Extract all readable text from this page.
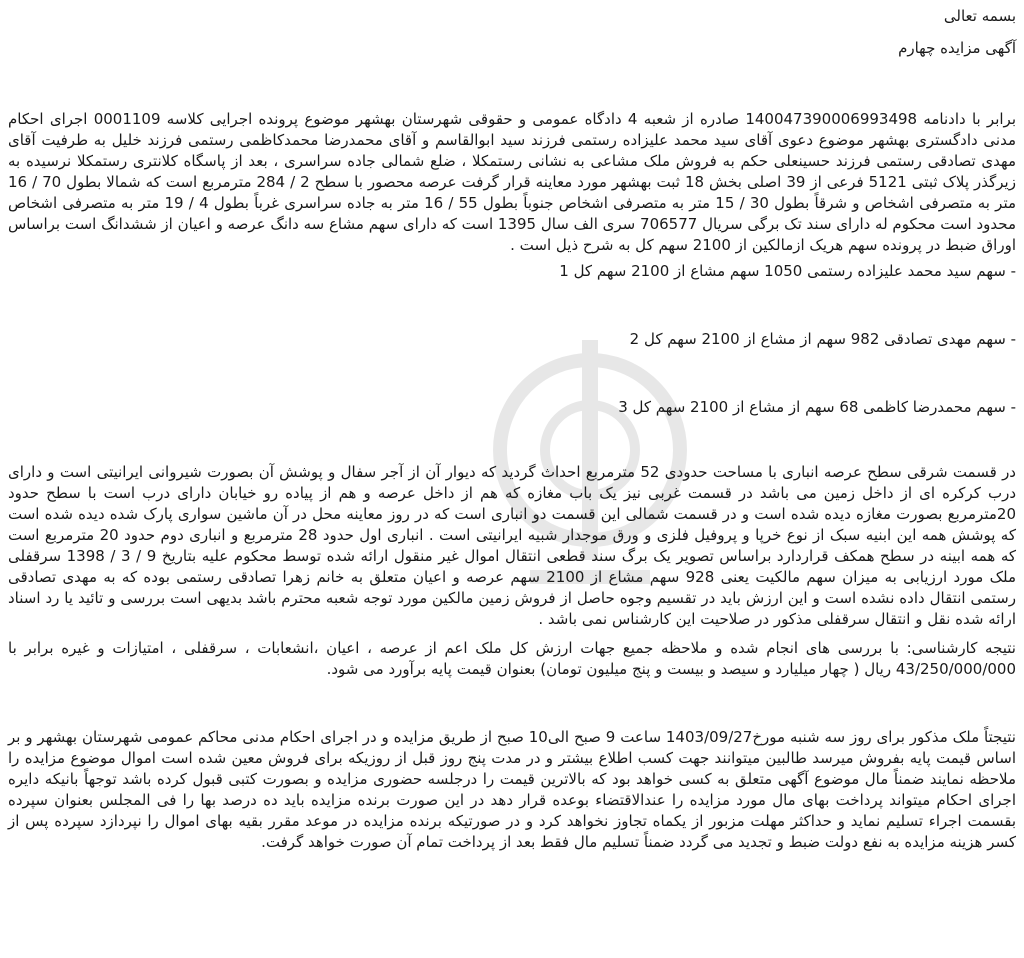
بسمه تعالی

آگهی مزایده چهارم

برابر با دادنامه 140047390006993498 صادره از شعبه 4 دادگاه عمومی و حقوقی شهرستان بهشهر موضوع پرونده اجرایی کلاسه 0001109 اجرای احکام مدنی دادگستری بهشهر موضوع دعوی آقای سید محمد علیزاده رستمی فرزند سید ابوالقاسم و آقای محمدرضا محمدکاظمی رستمی فرزند خلیل به طرفیت آقای مهدی تصادقی رستمی فرزند حسینعلی حکم به فروش ملک مشاعی به نشانی رستمکلا ، ضلع شمالی جاده سراسری ، بعد از پاسگاه کلانتری رستمکلا نرسیده به زیرگذر پلاک ثبتی 5121 فرعی از 39 اصلی بخش 18 ثبت بهشهر مورد معاینه قرار گرفت عرصه محصور با سطح 2 / 284 مترمربع است که شمالا بطول 70 / 16 متر به متصرفی اشخاص و شرقاً بطول 30 / 15 متر به متصرفی اشخاص جنوباً بطول 55 / 16 متر به جاده سراسری غرباً بطول 4 / 19 متر به متصرفی اشخاص محدود است محکوم له دارای سند تک برگی سریال 706577 سری الف سال 1395 است که دارای سهم مشاع سه دانگ عرصه و اعیان از ششدانگ است براساس اوراق ضبط در پرونده سهم هریک ازمالکین از 2100 سهم کل به شرح ذیل است .

- سهم سید محمد علیزاده رستمی 1050 سهم مشاع از 2100 سهم کل 1

- سهم مهدی تصادقی 982 سهم از مشاع از 2100 سهم کل 2

- سهم محمدرضا کاظمی 68 سهم از مشاع از 2100 سهم کل 3

در قسمت شرقی سطح عرصه انباری با مساحت حدودی 52 مترمربع احداث گردید که دیوار آن از آجر سفال و پوشش آن بصورت شیروانی ایرانیتی است و دارای درب کرکره ای از داخل زمین می باشد در قسمت غربی نیز یک باب مغازه که هم از داخل عرصه و هم از پیاده رو خیابان دارای درب است با سطح حدود 20مترمربع بصورت مغازه دیده شده است و در قسمت شمالی این قسمت دو انباری است که در روز معاینه محل در آن ماشین سواری پارک شده دیده شده است که پوشش همه این ابنیه سبک از نوع خرپا و پروفیل فلزی و ورق موجدار شبیه ایرانیتی است . انباری اول حدود 28 مترمربع و انباری دوم حدود 20 مترمربع است که همه ابینه در سطح همکف قراردارد براساس تصویر یک برگ سند قطعی انتقال اموال غیر منقول ارائه شده توسط محکوم علیه بتاریخ 9 / 3 / 1398 سرقفلی ملک مورد ارزیابی به میزان سهم مالکیت یعنی 928 سهم مشاع از 2100 سهم عرصه و اعیان متعلق به خانم زهرا تصادقی رستمی بوده که به مهدی تصادقی رستمی انتقال داده نشده است و این ارزش باید در تقسیم وجوه حاصل از فروش زمین مالکین مورد توجه شعبه محترم باشد بدیهی است بررسی و تائید یا رد اسناد ارائه شده نقل و انتقال سرقفلی مذکور در صلاحیت این کارشناس نمی باشد .

نتیجه کارشناسی: با بررسی های انجام شده و ملاحظه جمیع جهات ارزش کل ملک اعم از عرصه ، اعیان ،انشعابات ، سرقفلی ، امتیازات و غیره برابر با 43/250/000/000 ریال ( چهار میلیارد و سیصد و بیست و پنج میلیون تومان) بعنوان قیمت پایه برآورد می شود.

نتیجتاً ملک مذکور برای روز سه شنبه مورخ1403/09/27 ساعت 9 صبح الی10 صبح از طریق مزایده و در اجرای احکام مدنی محاکم عمومی شهرستان بهشهر و بر اساس قیمت پایه بفروش میرسد طالبین میتوانند جهت کسب اطلاع بیشتر و در مدت پنج روز قبل از روزیکه برای فروش معین شده است اموال موضوع مزایده را ملاحظه نمایند ضمناً مال موضوع آگهی متعلق به کسی خواهد بود که بالاترین قیمت را درجلسه حضوری مزایده و بصورت کتبی قبول کرده باشد توجهاً بانیکه دایره اجرای احکام میتواند پرداخت بهای مال مورد مزایده را عندالاقتضاء بوعده قرار دهد در این صورت برنده مزایده باید ده درصد بها را فی المجلس بعنوان سپرده بقسمت اجراء تسلیم نماید و حداکثر مهلت مزبور از یکماه تجاوز نخواهد کرد و در صورتیکه برنده مزایده در موعد مقرر بقیه بهای اموال را نپردازد سپرده پس از کسر هزینه مزایده به نفع دولت ضبط و تجدید می گردد ضمناً تسلیم مال فقط بعد از پرداخت تمام آن صورت خواهد گرفت.
